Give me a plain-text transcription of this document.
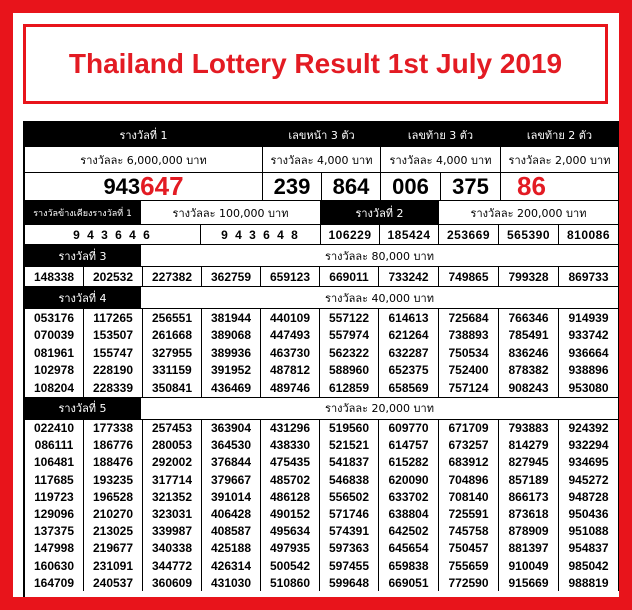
Thailand Lottery Result 1st July 2019
รางวัลที่ 1	เลขหน้า 3 ตัว	เลขท้าย 3 ตัว	เลขท้าย 2 ตัว
รางวัลละ 6,000,000 บาท	รางวัลละ 4,000 บาท	รางวัลละ 4,000 บาท	รางวัลละ 2,000 บาท
943 647	239	864	006	375	86
รางวัลข้างเคียงรางวัลที่ 1	รางวัลละ 100,000 บาท	รางวัลที่ 2	รางวัลละ 200,000 บาท
9 4 3 6 4 6	9 4 3 6 4 8	106229	185424	253669	565390	810086
รางวัลที่ 3	รางวัลละ 80,000 บาท
148338	202532	227382	362759	659123	669011	733242	749865	799328	869733
รางวัลที่ 4	รางวัลละ 40,000 บาท
053176	117265	256551	381944	440109	557122	614613	725684	766346	914939
070039	153507	261668	389068	447493	557974	621264	738893	785491	933742
081961	155747	327955	389936	463730	562322	632287	750534	836246	936664
102978	228190	331159	391952	487812	588960	652375	752400	878382	938896
108204	228339	350841	436469	489746	612859	658569	757124	908243	953080
รางวัลที่ 5	รางวัลละ 20,000 บาท
022410	177338	257453	363904	431296	519560	609770	671709	793883	924392
086111	186776	280053	364530	438330	521521	614757	673257	814279	932294
106481	188476	292002	376844	475435	541837	615282	683912	827945	934695
117685	193235	317714	379667	485702	546838	620090	704896	857189	945272
119723	196528	321352	391014	486128	556502	633702	708140	866173	948728
129096	210270	323031	406428	490152	571746	638804	725591	873618	950436
137375	213025	339987	408587	495634	574391	642502	745758	878909	951088
147998	219677	340338	425188	497935	597363	645654	750457	881397	954837
160630	231091	344772	426314	500542	597455	659838	755659	910049	985042
164709	240537	360609	431030	510860	599648	669051	772590	915669	988819
